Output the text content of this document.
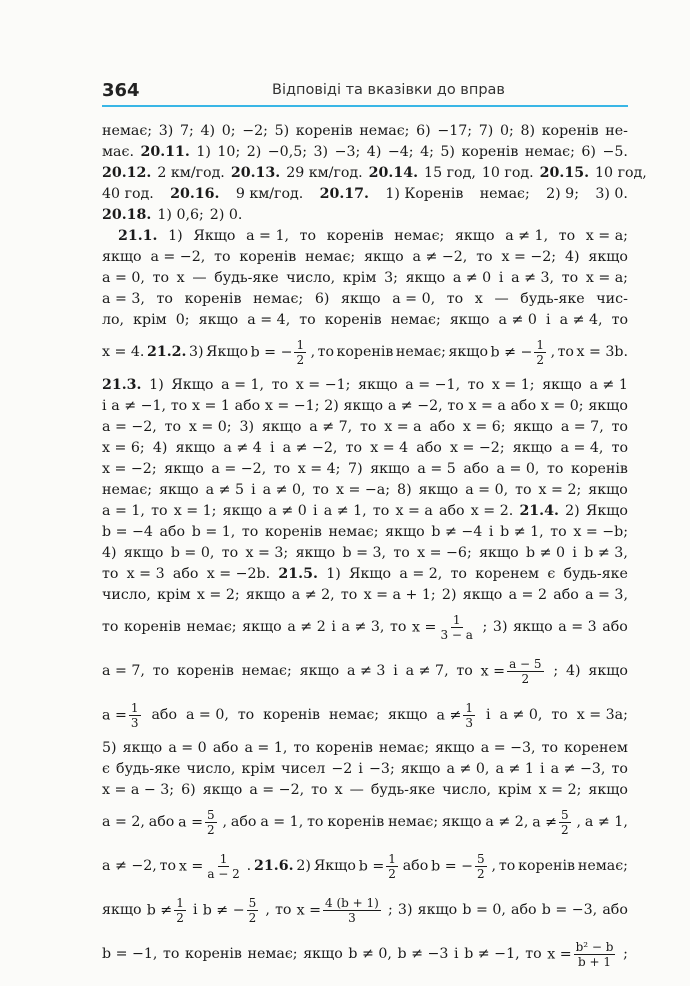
364	Відповіді та вказівки до вправ
немає; 3) 7; 4) 0; −2; 5) коренів немає; 6) −17; 7) 0; 8) коренів не-
має. 20.11. 1) 10; 2) −0,5; 3) −3; 4) −4; 4; 5) коренів немає; 6) −5.
20.12. 2 км/год. 20.13. 29 км/год. 20.14. 15 год, 10 год. 20.15. 10 год,
40 год. 20.16. 9 км/год. 20.17. 1) Коренів немає; 2) 9; 3) 0.
20.18. 1) 0,6; 2) 0.
21.1. 1) Якщо a = 1, то коренів немає; якщо a ≠ 1, то x = a;
якщо a = −2, то коренів немає; якщо a ≠ −2, то x = −2; 4) якщо
a = 0, то x — будь-яке число, крім 3; якщо a ≠ 0 і a ≠ 3, то x = a;
a = 3, то коренів немає; 6) якщо a = 0, то x — будь-яке чис-
ло, крім 0; якщо a = 4, то коренів немає; якщо a ≠ 0 і a ≠ 4, то
x = 4. 21.2. 3) Якщо b = − $\frac{1}{2}$ , то коренів немає; якщо b ≠ − $\frac{1}{2}$ , то x = 3b.
21.3. 1) Якщо a = 1, то x = −1; якщо a = −1, то x = 1; якщо a ≠ 1
і a ≠ −1, то x = 1 або x = −1; 2) якщо a ≠ −2, то x = a або x = 0; якщо
a = −2, то x = 0; 3) якщо a ≠ 7, то x = a або x = 6; якщо a = 7, то
x = 6; 4) якщо a ≠ 4 і a ≠ −2, то x = 4 або x = −2; якщо a = 4, то
x = −2; якщо a = −2, то x = 4; 7) якщо a = 5 або a = 0, то коренів
немає; якщо a ≠ 5 і a ≠ 0, то x = −a; 8) якщо a = 0, то x = 2; якщо
a = 1, то x = 1; якщо a ≠ 0 і a ≠ 1, то x = a або x = 2. 21.4. 2) Якщо
b = −4 або b = 1, то коренів немає; якщо b ≠ −4 і b ≠ 1, то x = −b;
4) якщо b = 0, то x = 3; якщо b = 3, то x = −6; якщо b ≠ 0 і b ≠ 3,
то x = 3 або x = −2b. 21.5. 1) Якщо a = 2, то коренем є будь-яке
число, крім x = 2; якщо a ≠ 2, то x = a + 1; 2) якщо a = 2 або a = 3,
то коренів немає; якщо a ≠ 2 і a ≠ 3, то $x = \frac{1}{3 - a}$ ; 3) якщо a = 3 або
a = 7, то коренів немає; якщо a ≠ 3 і a ≠ 7, то $x = \frac{a - 5}{2}$ ; 4) якщо
$a = \frac{1}{3}$ або a = 0, то коренів немає; якщо $a \ne \frac{1}{3}$ і a ≠ 0, то x = 3a;
5) якщо a = 0 або a = 1, то коренів немає; якщо a = −3, то коренем
є будь-яке число, крім чисел −2 і −3; якщо a ≠ 0, a ≠ 1 і a ≠ −3, то
x = a − 3; 6) якщо a = −2, то x — будь-яке число, крім x = 2; якщо
a = 2, або $a = \frac{5}{2}$ , або a = 1, то коренів немає; якщо a ≠ 2, $a \ne \frac{5}{2}$ , a ≠ 1,
a ≠ −2, то $x = \frac{1}{a - 2}$ . 21.6. 2) Якщо $b = \frac{1}{2}$ або b = − $\frac{5}{2}$ , то коренів немає;
якщо $b \ne \frac{1}{2}$ і b ≠ − $\frac{5}{2}$ , то $x = \frac{4 (b + 1)}{3}$ ; 3) якщо b = 0, або b = −3, або
b = −1, то коренів немає; якщо b ≠ 0, b ≠ −3 і b ≠ −1, то $x = \frac{\text{b² − b}}{b + 1}$ ;
